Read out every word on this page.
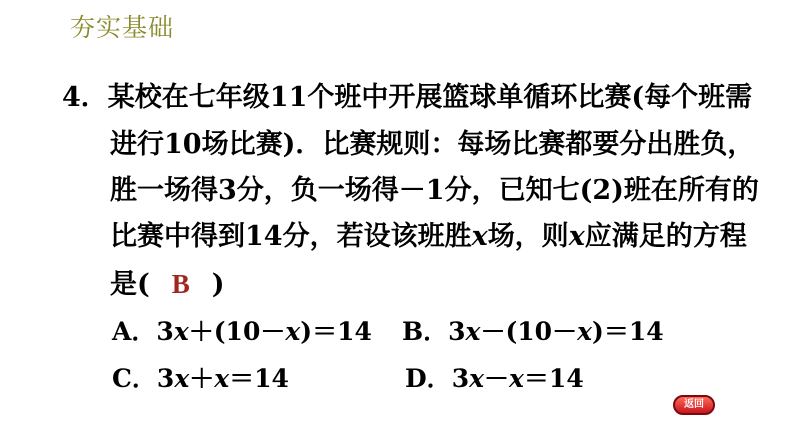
夯实基础
4．某校在七年级11个班中开展篮球单循环比赛(每个班需
进行10场比赛)．比赛规则：每场比赛都要分出胜负，
胜一场得3分，负一场得－1分，已知七(2)班在所有的
比赛中得到14分，若设该班胜x场，则x应满足的方程
是( B )
A．3x＋(10－x)＝14 B．3x－(10－x)＝14
C．3x＋x＝14	D．3x－x＝14
返回
